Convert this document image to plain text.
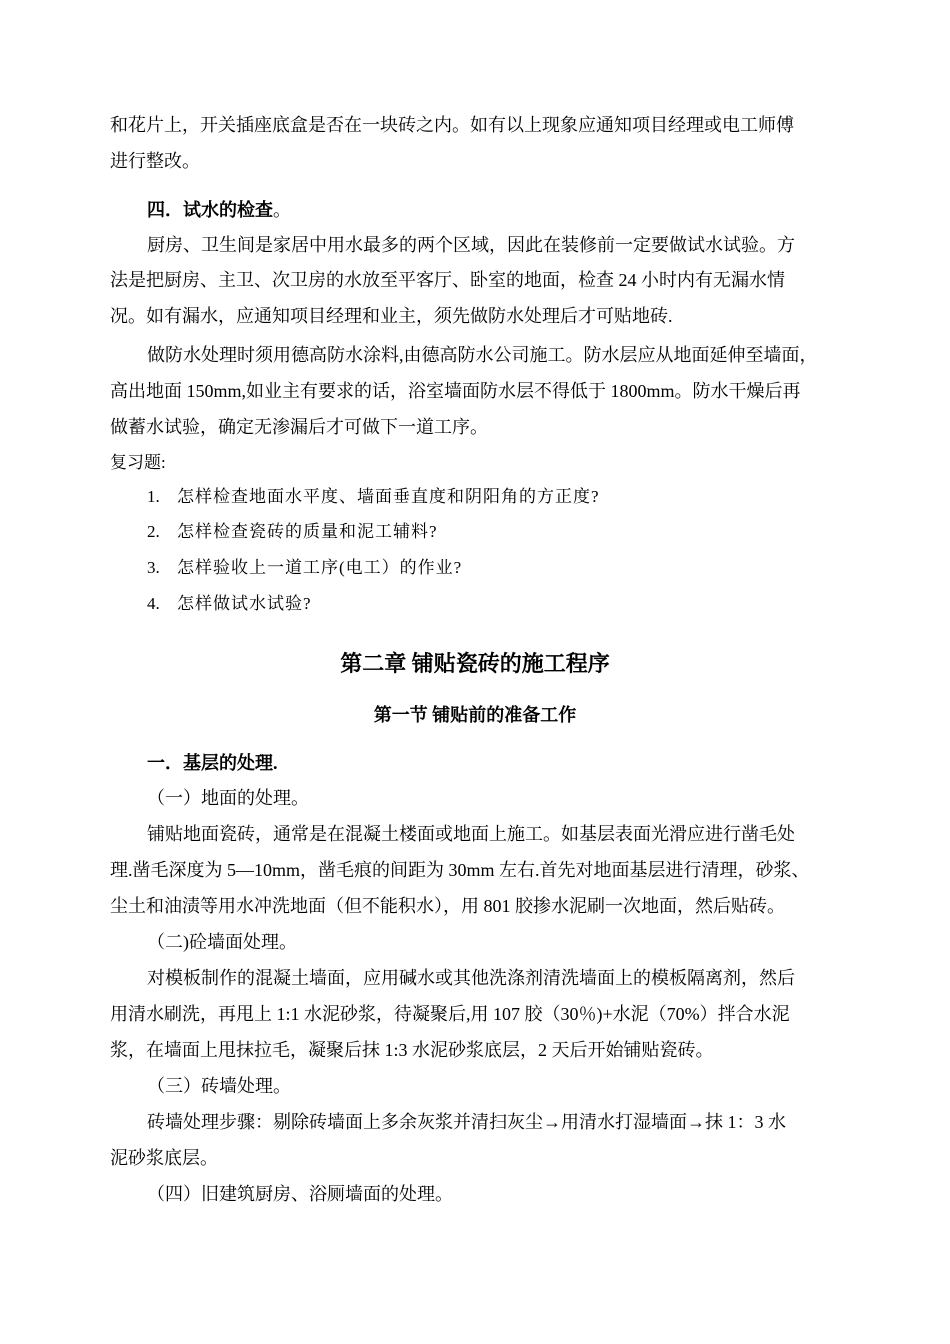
和花片上，开关插座底盒是否在一块砖之内。如有以上现象应通知项目经理或电工师傅
进行整改。
四．试水的检查。
厨房、卫生间是家居中用水最多的两个区域，因此在装修前一定要做试水试验。方
法是把厨房、主卫、次卫房的水放至平客厅、卧室的地面，检查 24 小时内有无漏水情
况。如有漏水，应通知项目经理和业主，须先做防水处理后才可贴地砖.
做防水处理时须用德高防水涂料,由德高防水公司施工。防水层应从地面延伸至墙面，
高出地面 150mm,如业主有要求的话，浴室墙面防水层不得低于 1800mm。防水干燥后再
做蓄水试验，确定无渗漏后才可做下一道工序。
复习题:
1. 怎样检查地面水平度、墙面垂直度和阴阳角的方正度?
2. 怎样检查瓷砖的质量和泥工辅料?
3. 怎样验收上一道工序(电工）的作业?
4. 怎样做试水试验?
第二章 铺贴瓷砖的施工程序
第一节 铺贴前的准备工作
一．基层的处理.
（一）地面的处理。
铺贴地面瓷砖，通常是在混凝土楼面或地面上施工。如基层表面光滑应进行凿毛处
理.凿毛深度为 5—10mm，凿毛痕的间距为 30mm 左右.首先对地面基层进行清理，砂浆、
尘土和油渍等用水冲洗地面（但不能积水），用 801 胶掺水泥刷一次地面，然后贴砖。
（二)砼墙面处理。
对模板制作的混凝土墙面，应用碱水或其他洗涤剂清洗墙面上的模板隔离剂，然后
用清水刷洗，再甩上 1:1 水泥砂浆，待凝聚后,用 107 胶（30％)+水泥（70%）拌合水泥
浆，在墙面上甩抹拉毛，凝聚后抹 1:3 水泥砂浆底层，2 天后开始铺贴瓷砖。
（三）砖墙处理。
砖墙处理步骤：剔除砖墙面上多余灰浆并清扫灰尘→用清水打湿墙面→抹 1：3 水
泥砂浆底层。
（四）旧建筑厨房、浴厕墙面的处理。
